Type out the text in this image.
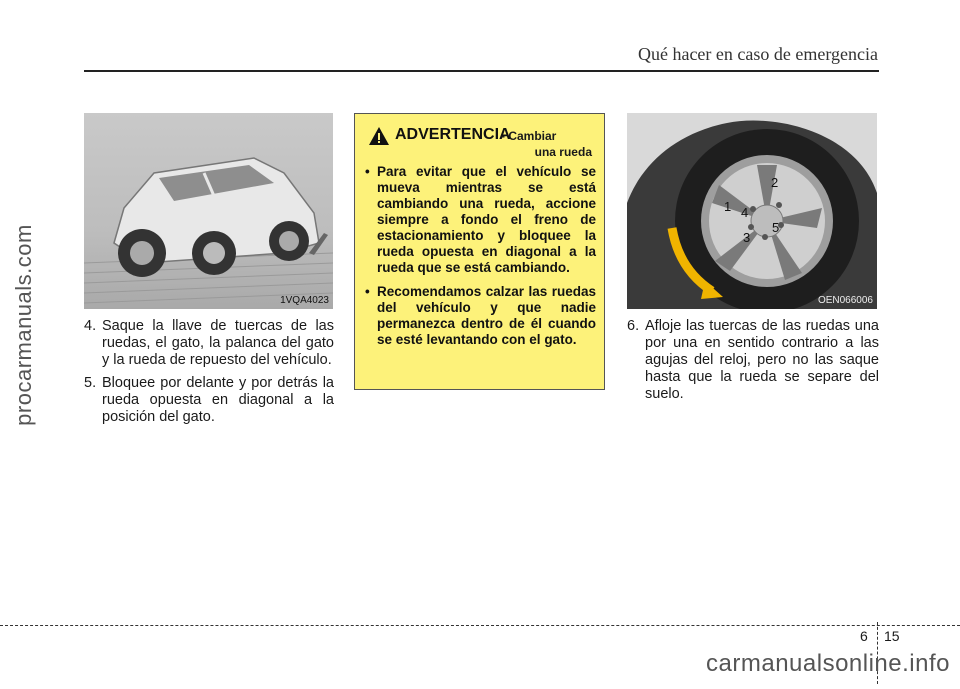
Qué hacer en caso de emergencia
procarmanuals.com	1VQA4023
4. Saque la llave de tuercas de las ruedas, el gato, la palanca del gato y la rueda de repuesto del vehículo.
5. Bloquee por delante y por detrás la rueda opuesta en diagonal a la posición del gato.
ADVERTENCIA
- Cambiar
una rueda
• Para evitar que el vehículo se mueva mientras se está cambiando una rueda, accione siempre a fondo el freno de estacionamiento y bloquee la rueda opuesta en diagonal a la rueda que se está cambiando.
• Recomendamos calzar las ruedas del vehículo y que nadie permanezca dentro de él cuando se esté levantando con el gato.
4
2
1
5
3
OEN066006
6. Afloje las tuercas de las ruedas una por una en sentido contrario a las agujas del reloj, pero no las saque hasta que la rueda se separe del suelo.
6 15
carmanualsonline.info
